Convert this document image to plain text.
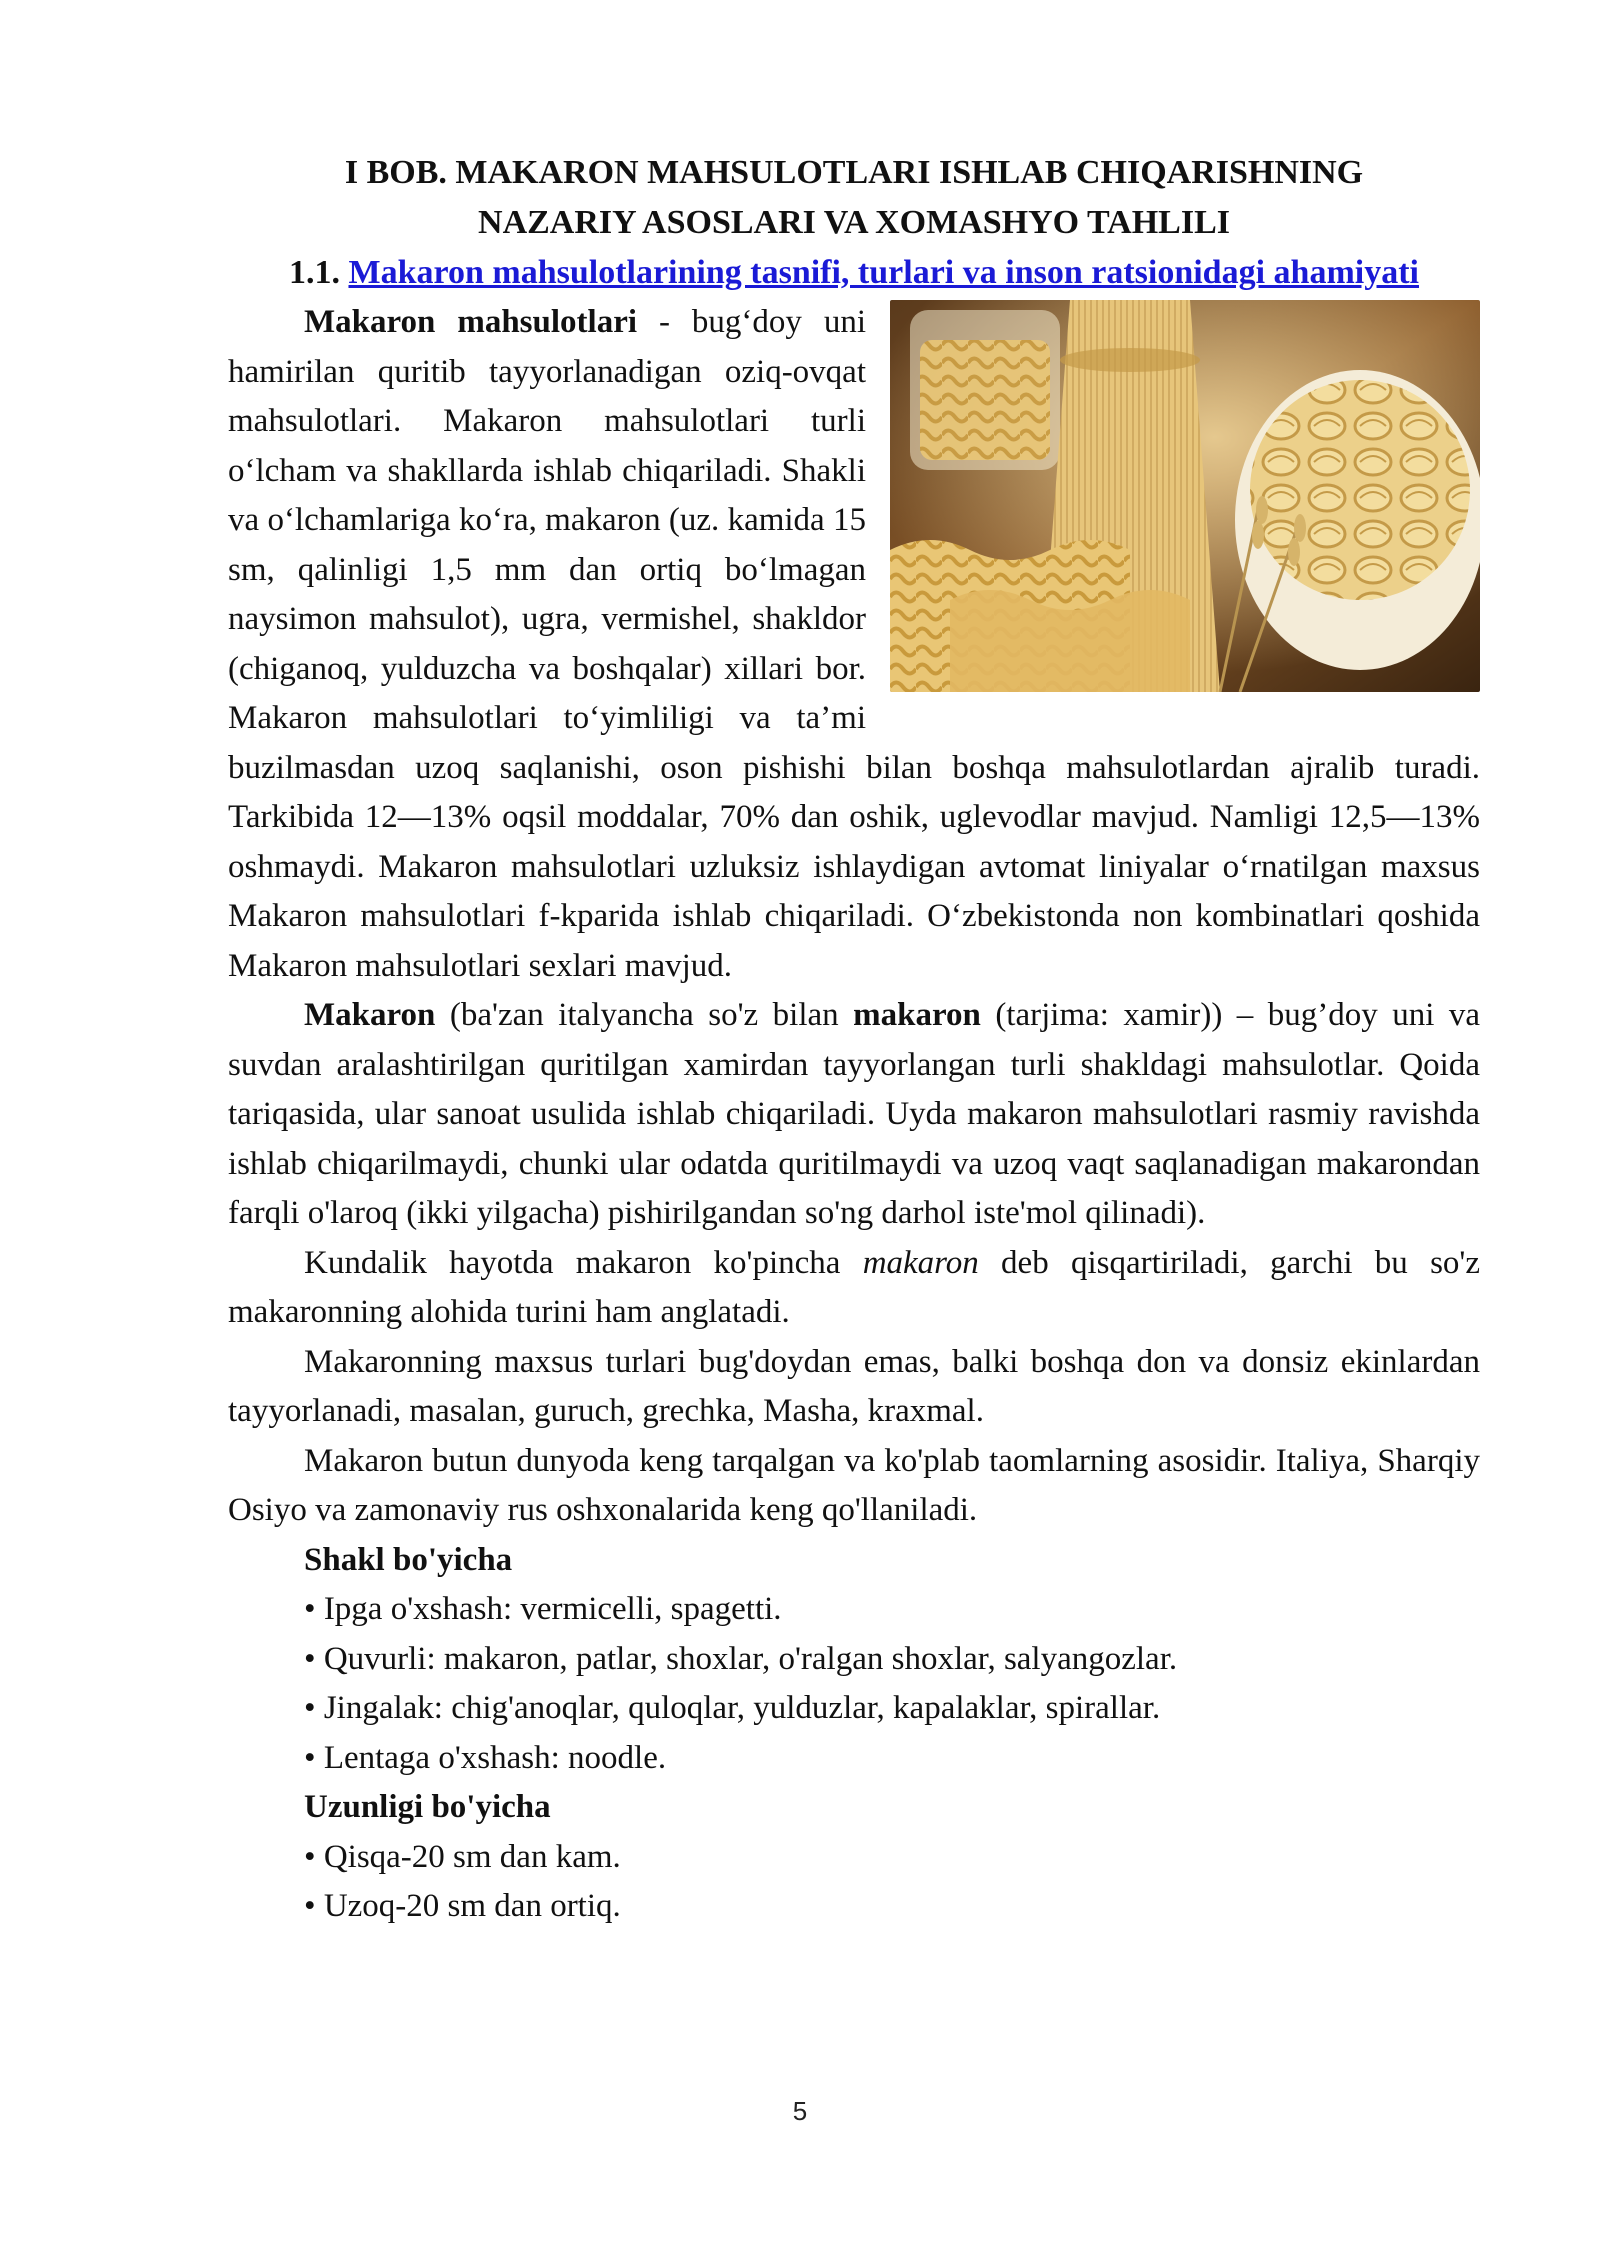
I BOB. MAKARON MAHSULOTLARI ISHLAB CHIQARISHNING
NAZARIY ASOSLARI VA XOMASHYO TAHLILI
1.1. Makaron mahsulotlarining tasnifi, turlari va inson ratsionidagi ahamiyati

Makaron mahsulotlari - bug‘doy uni hamirilan quritib tayyorlanadigan oziq-ovqat mahsulotlari. Makaron mahsulotlari turli o‘lcham va shakllarda ishlab chiqariladi. Shakli va o‘lchamlariga ko‘ra, makaron (uz. kamida 15 sm, qalinligi 1,5 mm dan ortiq bo‘lmagan naysimon mahsulot), ugra, vermishel, shakldor (chiganoq, yulduzcha va boshqalar) xillari bor. Makaron mahsulotlari to‘yimliligi va ta’mi buzilmasdan uzoq saqlanishi, oson pishishi bilan boshqa mahsulotlardan ajralib turadi. Tarkibida 12—13% oqsil moddalar, 70% dan oshik, uglevodlar mavjud. Namligi 12,5—13% oshmaydi. Makaron mahsulotlari uzluksiz ishlaydigan avtomat liniyalar o‘rnatilgan maxsus Makaron mahsulotlari f-kparida ishlab chiqariladi. O‘zbekistonda non kombinatlari qoshida Makaron mahsulotlari sexlari mavjud.

Makaron (ba'zan italyancha so'z bilan makaron (tarjima: xamir)) – bug’doy uni va suvdan aralashtirilgan quritilgan xamirdan tayyorlangan turli shakldagi mahsulotlar. Qoida tariqasida, ular sanoat usulida ishlab chiqariladi. Uyda makaron mahsulotlari rasmiy ravishda ishlab chiqarilmaydi, chunki ular odatda quritilmaydi va uzoq vaqt saqlanadigan makarondan farqli o'laroq (ikki yilgacha) pishirilgandan so'ng darhol iste'mol qilinadi).

Kundalik hayotda makaron ko'pincha makaron deb qisqartiriladi, garchi bu so'z makaronning alohida turini ham anglatadi.

Makaronning maxsus turlari bug'doydan emas, balki boshqa don va donsiz ekinlardan tayyorlanadi, masalan, guruch, grechka, Masha, kraxmal.

Makaron butun dunyoda keng tarqalgan va ko'plab taomlarning asosidir. Italiya, Sharqiy Osiyo va zamonaviy rus oshxonalarida keng qo'llaniladi.

Shakl bo'yicha
• Ipga o'xshash: vermicelli, spagetti.
• Quvurli: makaron, patlar, shoxlar, o'ralgan shoxlar, salyangozlar.
• Jingalak: chig'anoqlar, quloqlar, yulduzlar, kapalaklar, spirallar.
• Lentaga o'xshash: noodle.
Uzunligi bo'yicha
• Qisqa-20 sm dan kam.
• Uzoq-20 sm dan ortiq.
5
